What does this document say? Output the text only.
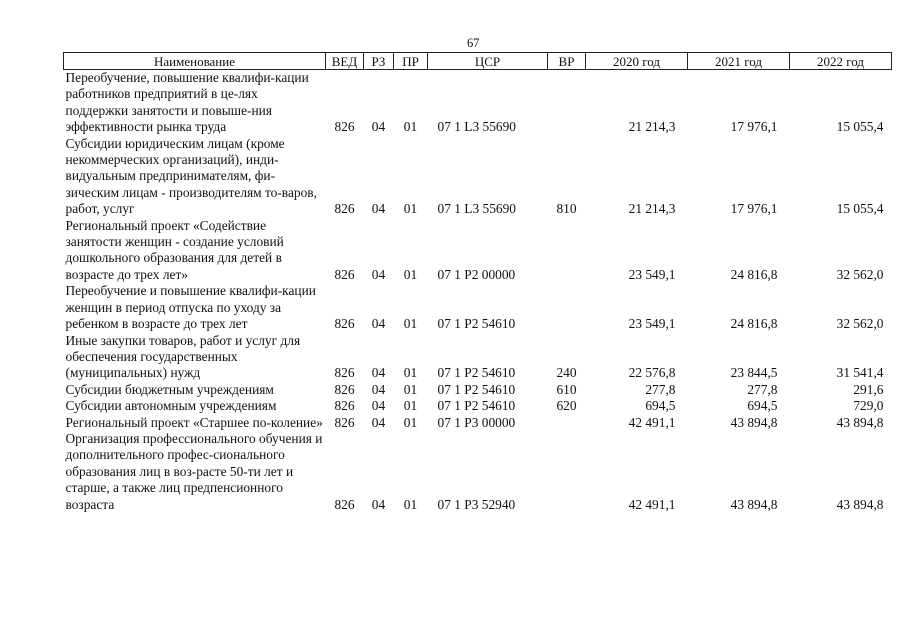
67
Наименование	ВЕД	РЗ	ПР	ЦСР	ВР	2020 год	2021 год	2022 год
Переобучение, повышение квалифи-кации работников предприятий в це-лях поддержки занятости и повыше-ния эффективности рынка труда	826	04	01	07 1 L3 55690		21 214,3	17 976,1	15 055,4
Субсидии юридическим лицам (кроме некоммерческих организаций), инди-видуальным предпринимателям, фи-зическим лицам - производителям то-варов, работ, услуг	826	04	01	07 1 L3 55690	810	21 214,3	17 976,1	15 055,4
Региональный проект «Содействие занятости женщин - создание условий дошкольного образования для детей в возрасте до трех лет»	826	04	01	07 1 P2 00000		23 549,1	24 816,8	32 562,0
Переобучение и повышение квалифи-кации женщин в период отпуска по уходу за ребенком в возрасте до трех лет	826	04	01	07 1 P2 54610		23 549,1	24 816,8	32 562,0
Иные закупки товаров, работ и услуг для обеспечения государственных (муниципальных) нужд	826	04	01	07 1 P2 54610	240	22 576,8	23 844,5	31 541,4
Субсидии бюджетным учреждениям	826	04	01	07 1 P2 54610	610	277,8	277,8	291,6
Субсидии автономным учреждениям	826	04	01	07 1 P2 54610	620	694,5	694,5	729,0
Региональный проект «Старшее по-коление»	826	04	01	07 1 P3 00000		42 491,1	43 894,8	43 894,8
Организация профессионального обучения и дополнительного профес-сионального образования лиц в воз-расте 50-ти лет и старше, а также лиц предпенсионного возраста	826	04	01	07 1 P3 52940		42 491,1	43 894,8	43 894,8
